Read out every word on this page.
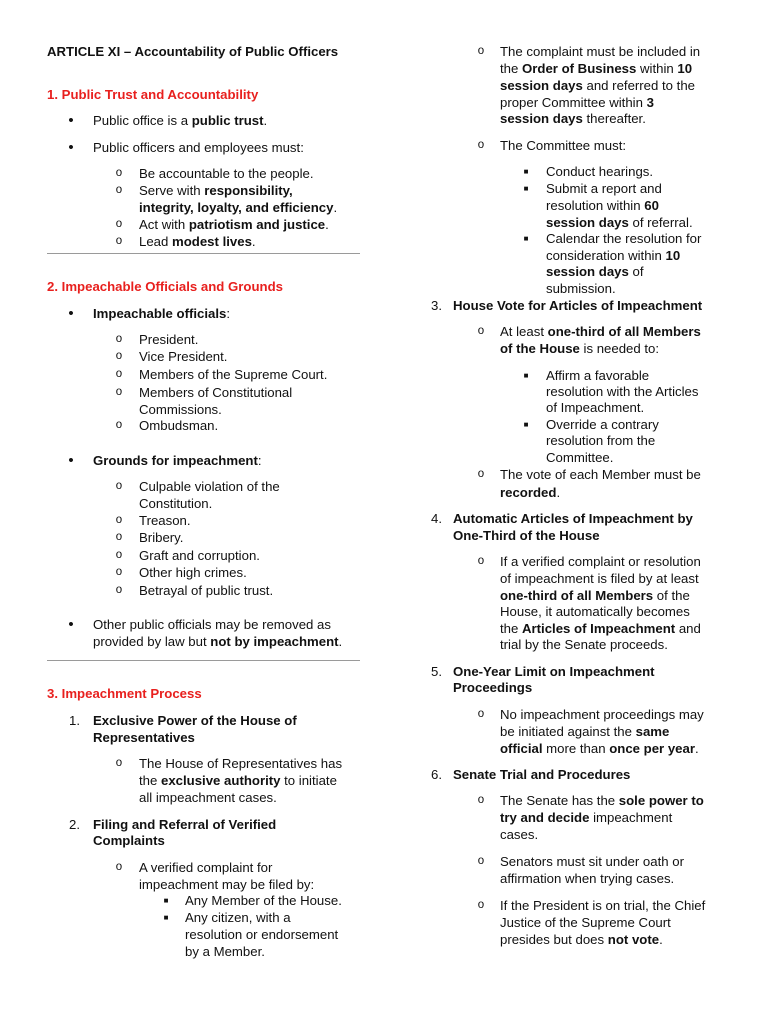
ARTICLE XI – Accountability of Public Officers
1. Public Trust and Accountability
• Public office is a public trust.
• Public officers and employees must:
o Be accountable to the people.
o Serve with responsibility,
integrity, loyalty, and efficiency.
o Act with patriotism and justice.
o Lead modest lives.
2. Impeachable Officials and Grounds
• Impeachable officials:
o President.
o Vice President.
o Members of the Supreme Court.
o Members of Constitutional
Commissions.
o Ombudsman.
• Grounds for impeachment:
o Culpable violation of the
Constitution.
o Treason.
o Bribery.
o Graft and corruption.
o Other high crimes.
o Betrayal of public trust.
• Other public officials may be removed as
provided by law but not by impeachment.
3. Impeachment Process
1. Exclusive Power of the House of
Representatives
o The House of Representatives has
the exclusive authority to initiate
all impeachment cases.
2. Filing and Referral of Verified
Complaints
o A verified complaint for
impeachment may be filed by:
■ Any Member of the House.
■ Any citizen, with a
resolution or endorsement
by a Member.
o The complaint must be included in
the Order of Business within 10
session days and referred to the
proper Committee within 3
session days thereafter.
o The Committee must:
■ Conduct hearings.
■ Submit a report and
resolution within 60
session days of referral.
■ Calendar the resolution for
consideration within 10
session days of
submission.
3. House Vote for Articles of Impeachment
o At least one-third of all Members
of the House is needed to:
■ Affirm a favorable
resolution with the Articles
of Impeachment.
■ Override a contrary
resolution from the
Committee.
o The vote of each Member must be
recorded.
4. Automatic Articles of Impeachment by
One-Third of the House
o If a verified complaint or resolution
of impeachment is filed by at least
one-third of all Members of the
House, it automatically becomes
the Articles of Impeachment and
trial by the Senate proceeds.
5. One-Year Limit on Impeachment
Proceedings
o No impeachment proceedings may
be initiated against the same
official more than once per year.
6. Senate Trial and Procedures
o The Senate has the sole power to
try and decide impeachment
cases.
o Senators must sit under oath or
affirmation when trying cases.
o If the President is on trial, the Chief
Justice of the Supreme Court
presides but does not vote.
